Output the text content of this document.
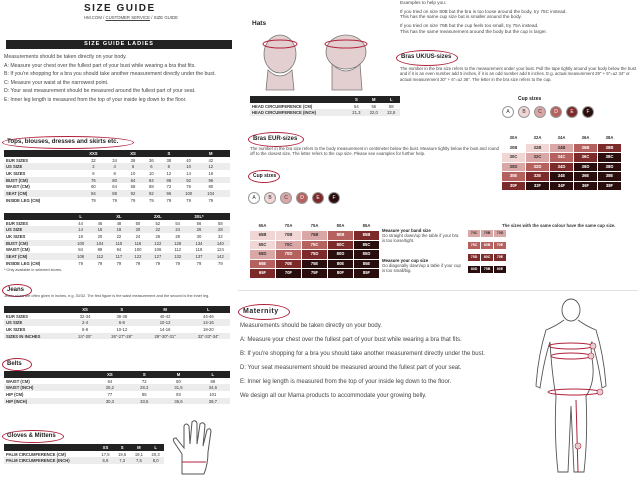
SIZE GUIDE
HM.COM / CUSTOMER SERVICE / SIZE GUIDE
SIZE GUIDE LADIES
Measurements should be taken directly on your body.
A: Measure your chest over the fullest part of your bust while wearing a bra that fits.
B: If you're shopping for a bra you should take another measurement directly under the bust.
C: Measure your waist at the narrowest point.
D: Your seat measurement should be measured around the fullest part of your seat.
E: Inner leg length is measured from the top of your inside leg down to the floor.
Tops, blouses, dresses and skirts etc.
	XXS		XS		S		M	
EUR SIZES	32	34	36	36	38	40	42	
US SIZE	2	4	6	6	8	10	12	
UK SIZES	6	8	10	10	12	14	16	
BUST (CM)	76	80	84	84	88	92	96	
WAIST (CM)	60	64	68	68	72	76	80	
SEAT (CM)	84	88	92	92	96	100	104	
INSIDE LEG (CM)	79	79	79	79	79	79	79	
	L		XL		2XL		3XL*	
EUR SIZES	44	46	48	50	52	54	56	58
US SIZE	14	16	18	20	22	24	26	28
UK SIZES	18	20	22	24	26	28	30	32
BUST (CM)	100	104	110	116	122	128	134	140
WAIST (CM)	84	89	94	100	106	112	118	124
SEAT (CM)	108	112	117	122	127	132	137	142
INSIDE LEG (CM)	79	79	79	79	79	79	79	79
* Only available in selected stores.
Jeans
Jeans sizes are often given in inches, e.g. 30/32. The first figure is the waist measurement and the second is the inner leg.
	XS	S	M	L
EUR SIZES	32-34	36-38	40-42	44-46
US SIZE	2-4	6-8	10-12	14-16
UK SIZES	6-8	10-12	14-16	18-20
SIZES IN INCHES	24"-25"	26"-27"-28"	29"-30"-31"	32"-33"-34"
Belts
	XS	S	M	L
WAIST (CM)	64	72	80	88
WAIST (INCH)	25,2	28,3	31,5	34,6
HIP (CM)	77	85	93	101
HIP (INCH)	30,3	33,5	36,6	39,7
Gloves & Mittens
	XS	S	M	L
PALM CIRCUMFERENCE (CM)	17,5	19,5	19,1	20,3
PALM CIRCUMFERENCE (INCH)	6,9	7,3	7,5	8,0
Examples to help you:
If you tried on size 80B but the bra is too loose around the body, try 75C instead.
This has the same cup size but is smaller around the body.
If you tried on size 75B but the cup feels too small, try 75A instead.
This has the same measurement around the body but the cup is larger.
Hats
	S	M	L
HEAD CIRCUMFERENCE (CM)	54	56	58
HEAD CIRCUMFERENCE (INCH)	21,3	22,0	22,8
Bras UK/US-sizes
The number in the bra size refers to the measurement under your bust. Pull the tape tightly around your body below the bust and if it is an even number add 5 inches, if it is an odd number add 6 inches. E.g. actual measurement 29" + 5"=uz 34" or actual measurement 30" + 6"=uz 36". The letter in the bra size refers to the cup.
Cup sizes
A	B	C	D	E	F
30A	32A	34A	36A	38A
30B	32B	34B	36B	38B
30C	32C	34C	36C	38C
30D	32D	34D	36D	38D
30E	32E	34E	36E	38E
30F	32F	34F	36F	38F
Bras EUR-sizes
The number in the bra size refers to the body measurement in centimeter below the bust. Measure tightly below the bust and round off to the closest size. The letter refers to the cup size. Please see examples for further help.
Cup sizes
A	B	C	D	E	F
65A	70A	75A	80A	85A
65B	70B	75B	80B	85B
65C	70C	75C	80C	85C
65D	70D	75D	80D	85D
65E	70E	75E	80E	85E
65F	70F	75F	80F	85F
Measure your band size
Go straight down/up the table if your bra is too loose/tight.
Measure your cup size
Go diagonally down/up a table if your cup is too small/big.
70C	75B	70D
75C	80B	70E
75D	80C	75E
80D	75B	80E
The sizes with the same colour have the same cup size.
Maternity
Measurements should be taken directly on your body.
A: Measure your chest over the fullest part of your bust while wearing a bra that fits.
B: If you're shopping for a bra you should take another measurement directly under the bust.
D: Your seat measurement should be measured around the fullest part of your seat.
E: Inner leg length is measured from the top of your inside leg down to the floor.
We design all our Mama products to accommodate your growing belly.
